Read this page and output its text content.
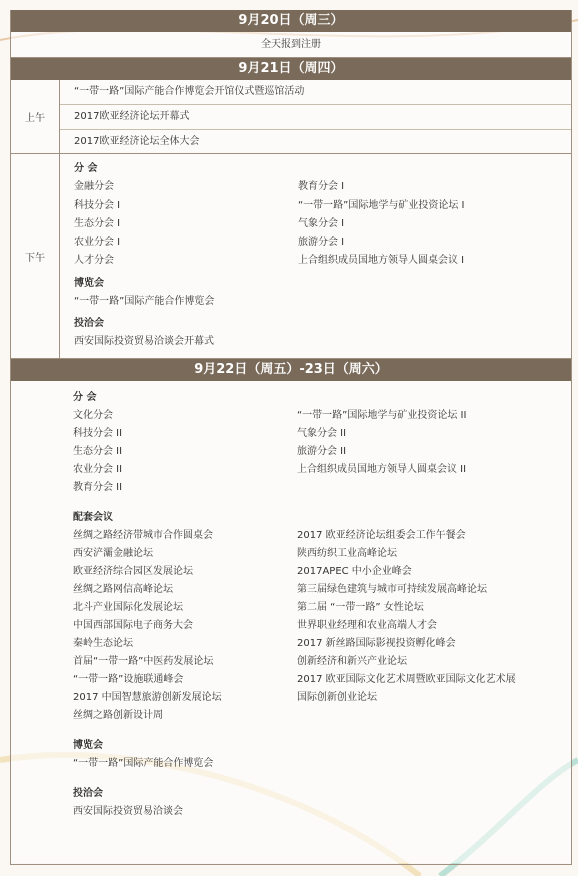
9月20日（周三）
全天报到注册
9月21日（周四）
上午
“一带一路”国际产能合作博览会开馆仪式暨巡馆活动
2017欧亚经济论坛开幕式
2017欧亚经济论坛全体大会
下午
分 会
金融分会
科技分会 I
生态分会 I
农业分会 I
人才分会
教育分会 I
“一带一路”国际地学与矿业投资论坛 I
气象分会 I
旅游分会 I
上合组织成员国地方领导人圆桌会议 I
博览会
“一带一路”国际产能合作博览会
投洽会
西安国际投资贸易洽谈会开幕式
9月22日（周五）-23日（周六）
分 会
文化分会
科技分会 II
生态分会 II
农业分会 II
教育分会 II
“一带一路”国际地学与矿业投资论坛 II
气象分会 II
旅游分会 II
上合组织成员国地方领导人圆桌会议 II
配套会议
丝绸之路经济带城市合作圆桌会
西安浐灞金融论坛
欧亚经济综合园区发展论坛
丝绸之路网信高峰论坛
北斗产业国际化发展论坛
中国西部国际电子商务大会
秦岭生态论坛
首届“一带一路”中医药发展论坛
“一带一路”设施联通峰会
2017 中国智慧旅游创新发展论坛
丝绸之路创新设计周
2017 欧亚经济论坛组委会工作午餐会
陕西纺织工业高峰论坛
2017APEC 中小企业峰会
第三届绿色建筑与城市可持续发展高峰论坛
第二届 “一带一路” 女性论坛
世界职业经理和农业高端人才会
2017 新丝路国际影视投资孵化峰会
创新经济和新兴产业论坛
2017 欧亚国际文化艺术周暨欧亚国际文化艺术展
国际创新创业论坛
博览会
“一带一路”国际产能合作博览会
投洽会
西安国际投资贸易洽谈会
